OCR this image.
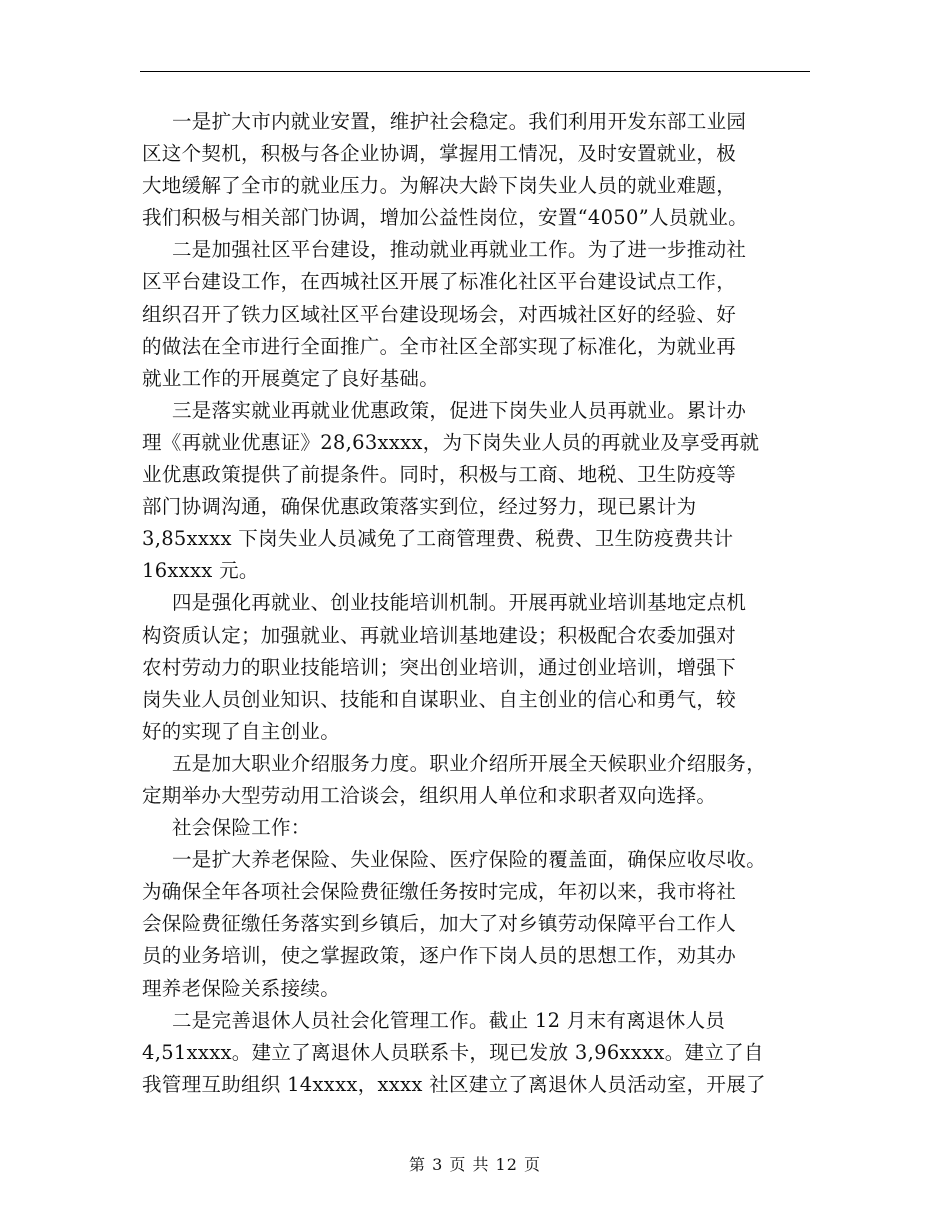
一是扩大市内就业安置，维护社会稳定。我们利用开发东部工业园
区这个契机，积极与各企业协调，掌握用工情况，及时安置就业，极
大地缓解了全市的就业压力。为解决大龄下岗失业人员的就业难题，
我们积极与相关部门协调，增加公益性岗位，安置“4050”人员就业。
二是加强社区平台建设，推动就业再就业工作。为了进一步推动社
区平台建设工作，在西城社区开展了标准化社区平台建设试点工作，
组织召开了铁力区域社区平台建设现场会，对西城社区好的经验、好
的做法在全市进行全面推广。全市社区全部实现了标准化，为就业再
就业工作的开展奠定了良好基础。
三是落实就业再就业优惠政策，促进下岗失业人员再就业。累计办
理《再就业优惠证》28,63xxxx，为下岗失业人员的再就业及享受再就
业优惠政策提供了前提条件。同时，积极与工商、地税、卫生防疫等
部门协调沟通，确保优惠政策落实到位，经过努力，现已累计为
3,85xxxx 下岗失业人员减免了工商管理费、税费、卫生防疫费共计
16xxxx 元。
四是强化再就业、创业技能培训机制。开展再就业培训基地定点机
构资质认定；加强就业、再就业培训基地建设；积极配合农委加强对
农村劳动力的职业技能培训；突出创业培训，通过创业培训，增强下
岗失业人员创业知识、技能和自谋职业、自主创业的信心和勇气，较
好的实现了自主创业。
五是加大职业介绍服务力度。职业介绍所开展全天候职业介绍服务，
定期举办大型劳动用工洽谈会，组织用人单位和求职者双向选择。
社会保险工作：
一是扩大养老保险、失业保险、医疗保险的覆盖面，确保应收尽收。
为确保全年各项社会保险费征缴任务按时完成，年初以来，我市将社
会保险费征缴任务落实到乡镇后，加大了对乡镇劳动保障平台工作人
员的业务培训，使之掌握政策，逐户作下岗人员的思想工作，劝其办
理养老保险关系接续。
二是完善退休人员社会化管理工作。截止 12 月末有离退休人员
4,51xxxx。建立了离退休人员联系卡，现已发放 3,96xxxx。建立了自
我管理互助组织 14xxxx，xxxx 社区建立了离退休人员活动室，开展了
第 3 页 共 12 页
